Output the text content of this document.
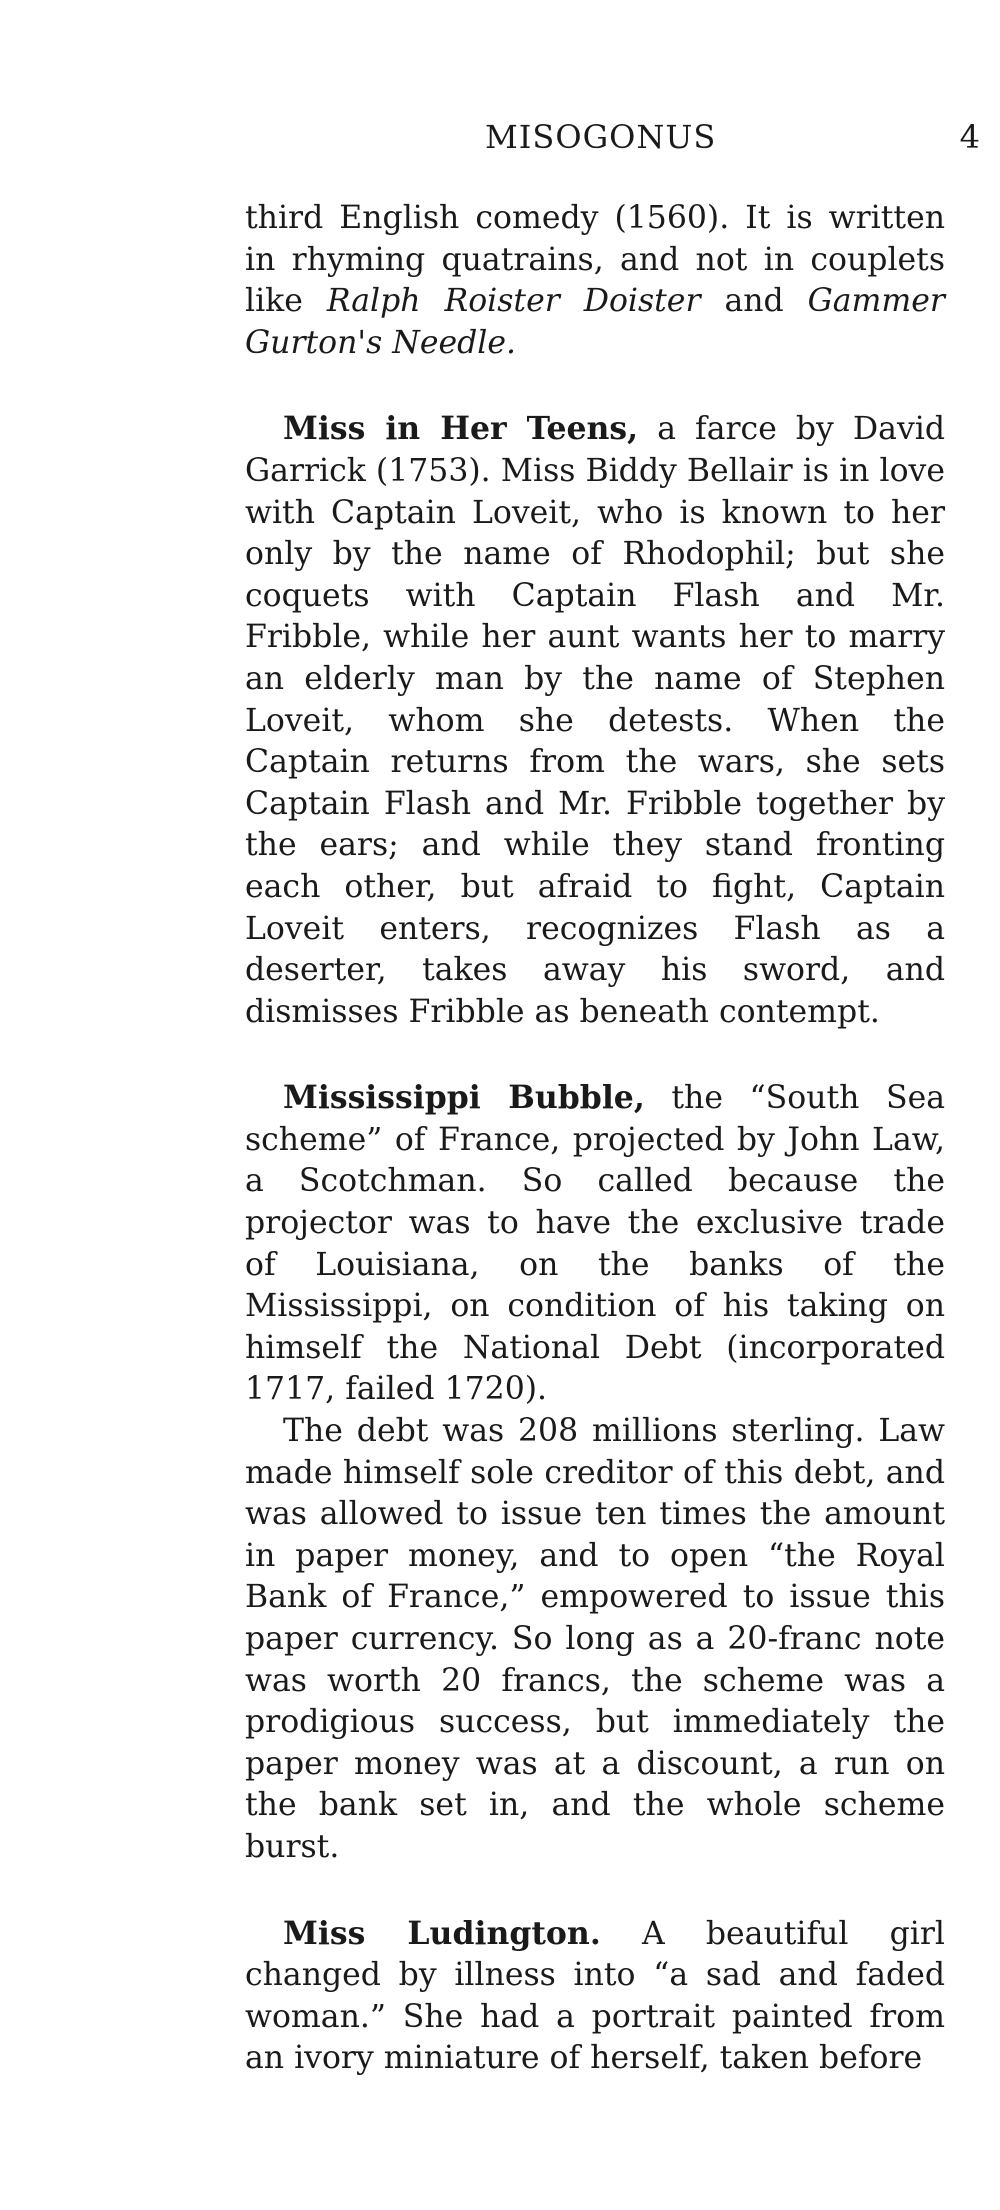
MISOGONUS	4

third English comedy (1560). It is written in rhyming quatrains, and not in couplets like Ralph Roister Doister and Gammer Gurton's Needle.

Miss in Her Teens, a farce by David Garrick (1753). Miss Biddy Bellair is in love with Captain Loveit, who is known to her only by the name of Rhodophil; but she coquets with Captain Flash and Mr. Fribble, while her aunt wants her to marry an elderly man by the name of Stephen Loveit, whom she detests. When the Captain returns from the wars, she sets Captain Flash and Mr. Fribble together by the ears; and while they stand fronting each other, but afraid to fight, Captain Loveit enters, recognizes Flash as a deserter, takes away his sword, and dismisses Fribble as beneath contempt.

Mississippi Bubble, the “South Sea scheme” of France, projected by John Law, a Scotchman. So called because the projector was to have the exclusive trade of Louisiana, on the banks of the Mississippi, on condition of his taking on himself the National Debt (incorporated 1717, failed 1720).

The debt was 208 millions sterling. Law made himself sole creditor of this debt, and was allowed to issue ten times the amount in paper money, and to open “the Royal Bank of France,” empowered to issue this paper currency. So long as a 20-franc note was worth 20 francs, the scheme was a prodigious success, but immediately the paper money was at a discount, a run on the bank set in, and the whole scheme burst.

Miss Ludington. A beautiful girl changed by illness into “a sad and faded woman.” She had a portrait painted from an ivory miniature of herself, taken before
